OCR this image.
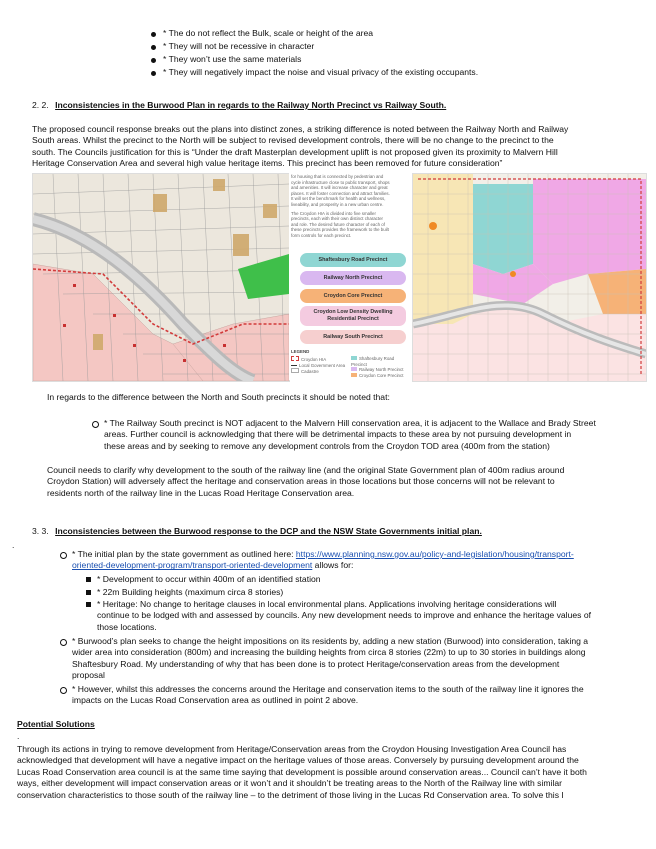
* The do not reflect the Bulk, scale or height of the area
* They will not be recessive in character
* They won’t use the same materials
* They will negatively impact the noise and visual privacy of the existing occupants.
2. 2. Inconsistencies in the Burwood Plan in regards to the Railway North Precinct vs Railway South.
The proposed council response breaks out the plans into distinct zones, a striking difference is noted between the Railway North and Railway
South areas. Whilst the precinct to the North will be subject to revised development controls, there will be no change to the precinct to the
south. The Councils justification for this is “Under the draft Masterplan development uplift is not proposed given its proximity to Malvern Hill
Heritage Conservation Area and several high value heritage items. This precinct has been removed for future consideration”
for housing that is connected by pedestrian and
cycle infrastructure close to public transport, shops
and amenities. It will increase character and great
places. It will foster connection and attract families.
It will set the benchmark for health and wellness,
liveability, and prosperity in a new urban centre.
The Croydon HIA is divided into five smaller
precincts, each with their own distinct character
and role. The desired future character of each of
these precincts provides the framework to the built
form controls for each precinct.
Shaftesbury Road Precinct
Railway North Precinct
Croydon Core Precinct
Croydon Low Density Dwelling Residential Precinct
Railway South Precinct
LEGEND
Croydon HIA
Local Government Area
Cadastre
Shaftesbury Road Precinct
Railway North Precinct
Croydon Core Precinct
In regards to the difference between the North and South precincts it should be noted that:
* The Railway South precinct is NOT adjacent to the Malvern Hill conservation area, it is adjacent to the Wallace and Brady Street
areas. Further council is acknowledging that there will be detrimental impacts to these area by not pursuing development in
these areas and by seeking to remove any development controls from the Croydon TOD area (400m from the station)
Council needs to clarify why development to the south of the railway line (and the original State Government plan of 400m radius around
Croydon Station) will adversely affect the heritage and conservation areas in those locations but those concerns will not be relevant to
residents north of the railway line in the Lucas Road Heritage Conservation area.
3. 3. Inconsistencies between the Burwood response to the DCP and the NSW State Governments initial plan.
.
* The initial plan by the state government as outlined here: https://www.planning.nsw.gov.au/policy-and-legislation/housing/transport-
oriented-development-program/transport-oriented-development allows for:
* Development to occur within 400m of an identified station
* 22m Building heights (maximum circa 8 stories)
* Heritage: No change to heritage clauses in local environmental plans. Applications involving heritage considerations will
continue to be lodged with and assessed by councils. Any new development needs to improve and enhance the heritage values of
those locations.
* Burwood’s plan seeks to change the height impositions on its residents by, adding a new station (Burwood) into consideration, taking a
wider area into consideration (800m) and increasing the building heights from circa 8 stories (22m) to up to 30 stories in buildings along
Shaftesbury Road. My understanding of why that has been done is to protect Heritage/conservation areas from the development
proposal
* However, whilst this addresses the concerns around the Heritage and conservation items to the south of the railway line it ignores the
impacts on the Lucas Road Conservation area as outlined in point 2 above.
Potential Solutions
.
Through its actions in trying to remove development from Heritage/Conservation areas from the Croydon Housing Investigation Area Council has
acknowledged that development will have a negative impact on the heritage values of those areas. Conversely by pursuing development around the
Lucas Road Conservation area council is at the same time saying that development is possible around conservation areas... Council can’t have it both
ways, either development will impact conservation areas or it won’t and it shouldn’t be treating areas to the North of the Railway line with similar
conservation characteristics to those south of the railway line – to the detriment of those living in the Lucas Rd Conservation area. To solve this I
